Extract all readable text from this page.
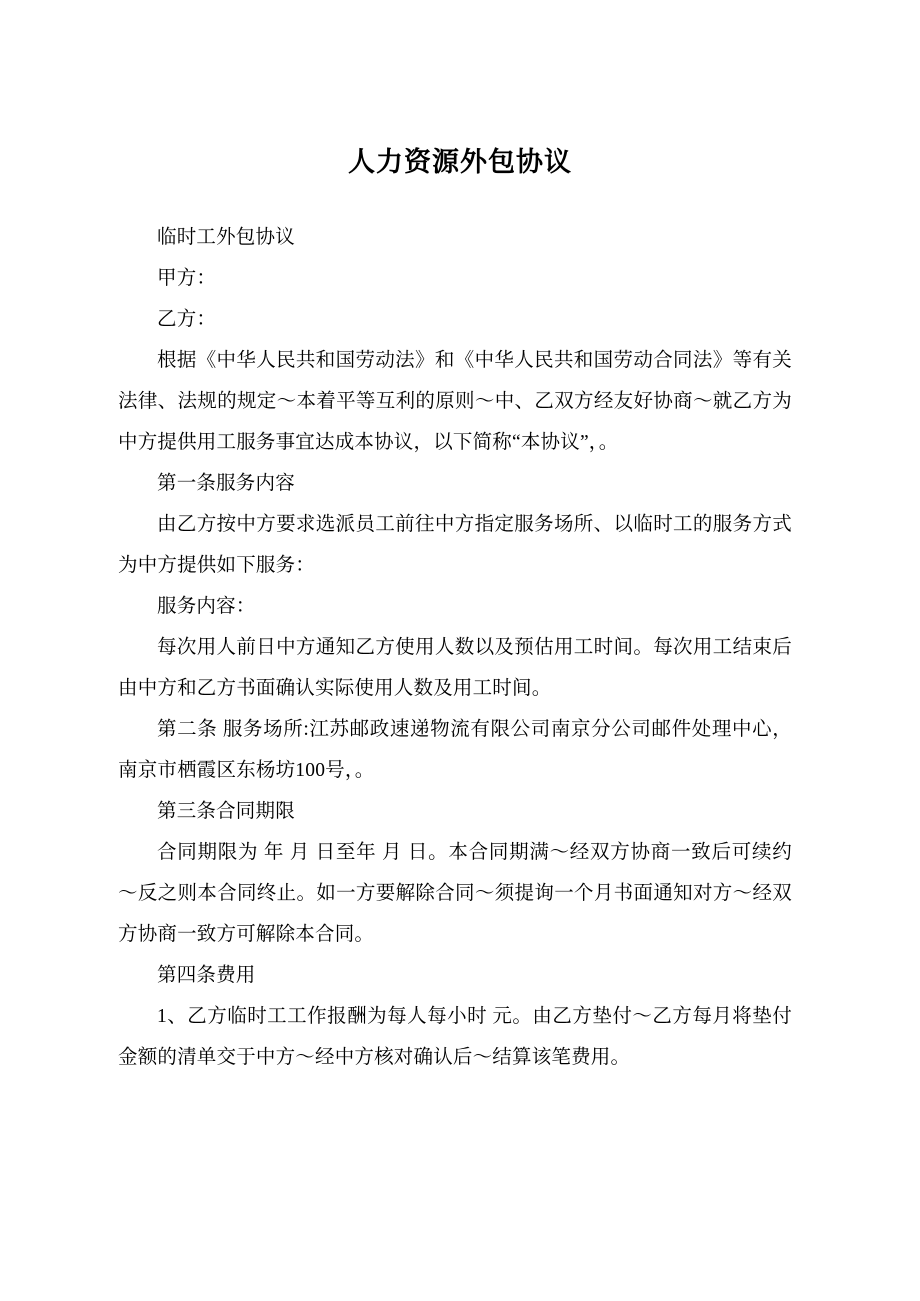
人力资源外包协议

临时工外包协议

甲方：

乙方：

根据《中华人民共和国劳动法》和《中华人民共和国劳动合同法》等有关法律、法规的规定～本着平等互利的原则～中、乙双方经友好协商～就乙方为中方提供用工服务事宜达成本协议，以下简称“本协议”，。

第一条服务内容

由乙方按中方要求选派员工前往中方指定服务场所、以临时工的服务方式为中方提供如下服务：

服务内容：

每次用人前日中方通知乙方使用人数以及预估用工时间。每次用工结束后由中方和乙方书面确认实际使用人数及用工时间。

第二条 服务场所:江苏邮政速递物流有限公司南京分公司邮件处理中心，南京市栖霞区东杨坊100号，。

第三条合同期限

合同期限为 年 月 日至年 月 日。本合同期满～经双方协商一致后可续约～反之则本合同终止。如一方要解除合同～须提询一个月书面通知对方～经双方协商一致方可解除本合同。

第四条费用

1、乙方临时工工作报酬为每人每小时 元。由乙方垫付～乙方每月将垫付金额的清单交于中方～经中方核对确认后～结算该笔费用。
